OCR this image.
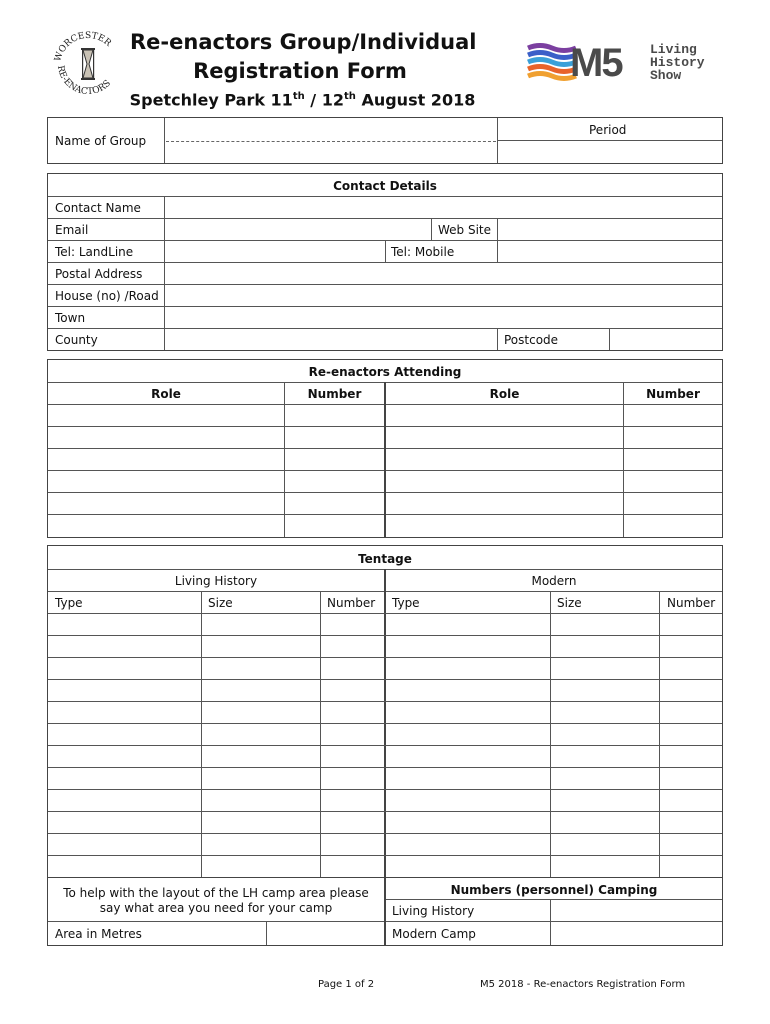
WORCESTER
RE-ENACTORS
Re-enactors Group/Individual
Registration Form
Spetchley Park 11th / 12th August 2018
M5 Living
History
Show
Name of Group
Period
Contact Details
Contact Name
Email	Web Site
Tel: LandLine	Tel: Mobile
Postal Address
House (no) /Road
Town
County	Postcode
Re-enactors Attending
Role	Number	Role	Number
Tentage
Living History	Modern
Type	Size	Number Type	Size	Number
To help with the layout of the LH camp area please say what area you need for your camp
Area in Metres
Numbers (personnel) Camping
Living History
Modern Camp
Page 1 of 2	M5 2018 - Re-enactors Registration Form
